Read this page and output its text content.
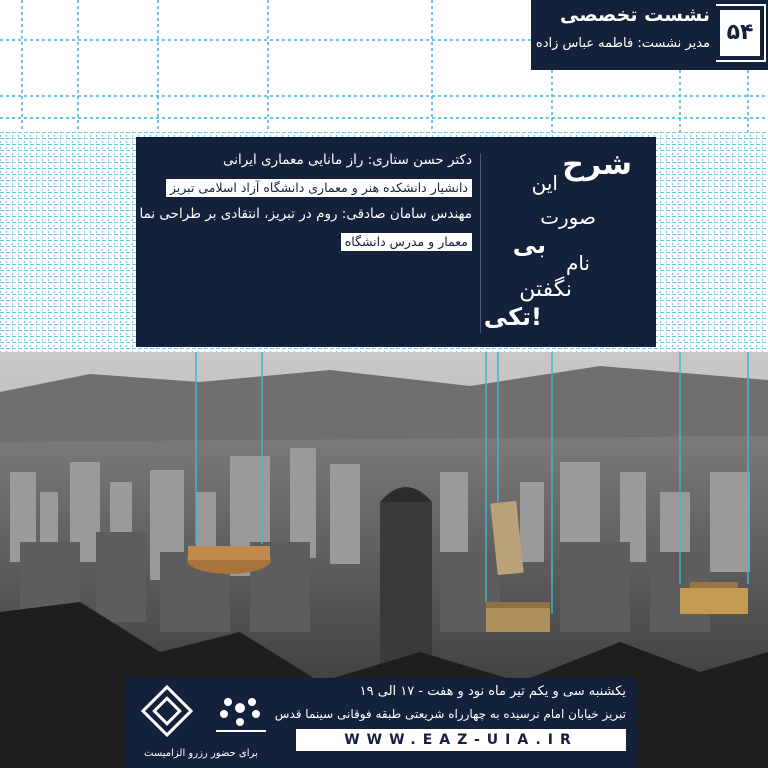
نشست تخصصی
مدیر نشست: فاطمه عباس زاده ۵۴
دکتر حسن ستاری: راز مانایی معماری ایرانی
دانشیار دانشکده هنر و معماری دانشگاه آزاد اسلامی تبریز
مهندس سامان صادقی: روم در تبریز، انتقادی بر طراحی نما
معمار و مدرس دانشگاه
شرح
این
صورت
بی
نام
نگفتن
تکی!
برای حضور رزرو الزامیست
یکشنبه سی و یکم تیر ماه نود و هفت - ۱۷ الی ۱۹
تبریز خیابان امام نرسیده به چهارراه شریعتی طبقه فوقانی سینما قدس
WWW.EAZ-UIA.IR
